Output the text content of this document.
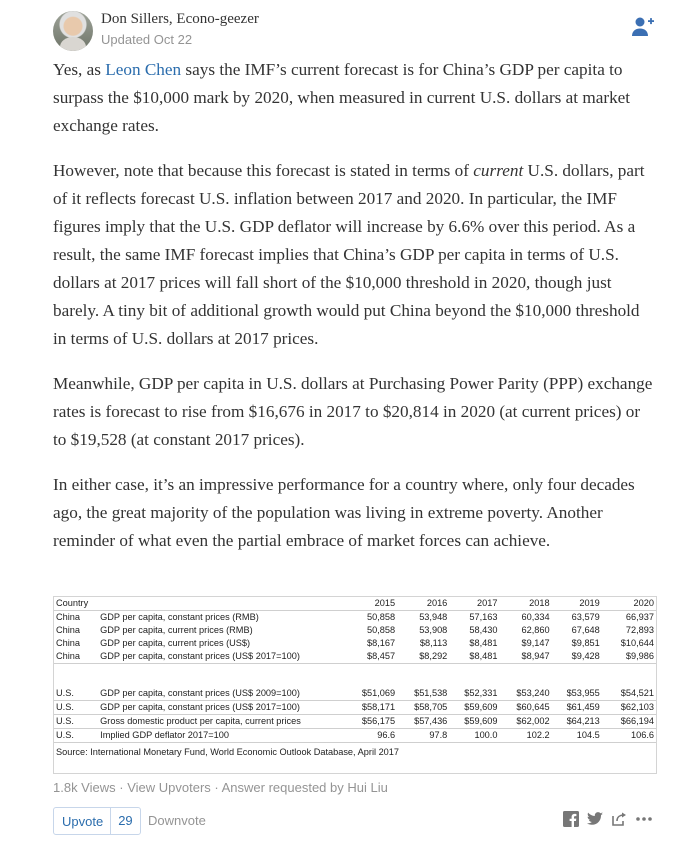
Don Sillers, Econo-geezer
Updated Oct 22

Yes, as Leon Chen says the IMF’s current forecast is for China’s GDP per capita to surpass the $10,000 mark by 2020, when measured in current U.S. dollars at market exchange rates.

However, note that because this forecast is stated in terms of current U.S. dollars, part of it reflects forecast U.S. inflation between 2017 and 2020. In particular, the IMF figures imply that the U.S. GDP deflator will increase by 6.6% over this period. As a result, the same IMF forecast implies that China’s GDP per capita in terms of U.S. dollars at 2017 prices will fall short of the $10,000 threshold in 2020, though just barely. A tiny bit of additional growth would put China beyond the $10,000 threshold in terms of U.S. dollars at 2017 prices.

Meanwhile, GDP per capita in U.S. dollars at Purchasing Power Parity (PPP) exchange rates is forecast to rise from $16,676 in 2017 to $20,814 in 2020 (at current prices) or to $19,528 (at constant 2017 prices).

In either case, it’s an impressive performance for a country where, only four decades ago, the great majority of the population was living in extreme poverty. Another reminder of what even the partial embrace of market forces can achieve.

Country		2015	2016	2017	2018	2019	2020
China	GDP per capita, constant prices (RMB)	50,858	53,948	57,163	60,334	63,579	66,937
China	GDP per capita, current prices (RMB)	50,858	53,908	58,430	62,860	67,648	72,893
China	GDP per capita, current prices (US$)	$8,167	$8,113	$8,481	$9,147	$9,851	$10,644
China	GDP per capita, constant prices (US$ 2017=100)	$8,457	$8,292	$8,481	$8,947	$9,428	$9,986

U.S.	GDP per capita, constant prices (US$ 2009=100)	$51,069	$51,538	$52,331	$53,240	$53,955	$54,521
U.S.	GDP per capita, constant prices (US$ 2017=100)	$58,171	$58,705	$59,609	$60,645	$61,459	$62,103
U.S.	Gross domestic product per capita, current prices	$56,175	$57,436	$59,609	$62,002	$64,213	$66,194
U.S.	Implied GDP deflator 2017=100	96.6	97.8	100.0	102.2	104.5	106.6
Source: International Monetary Fund, World Economic Outlook Database, April 2017
1.8k Views · View Upvoters · Answer requested by Hui Liu
Upvote	29	Downvote
